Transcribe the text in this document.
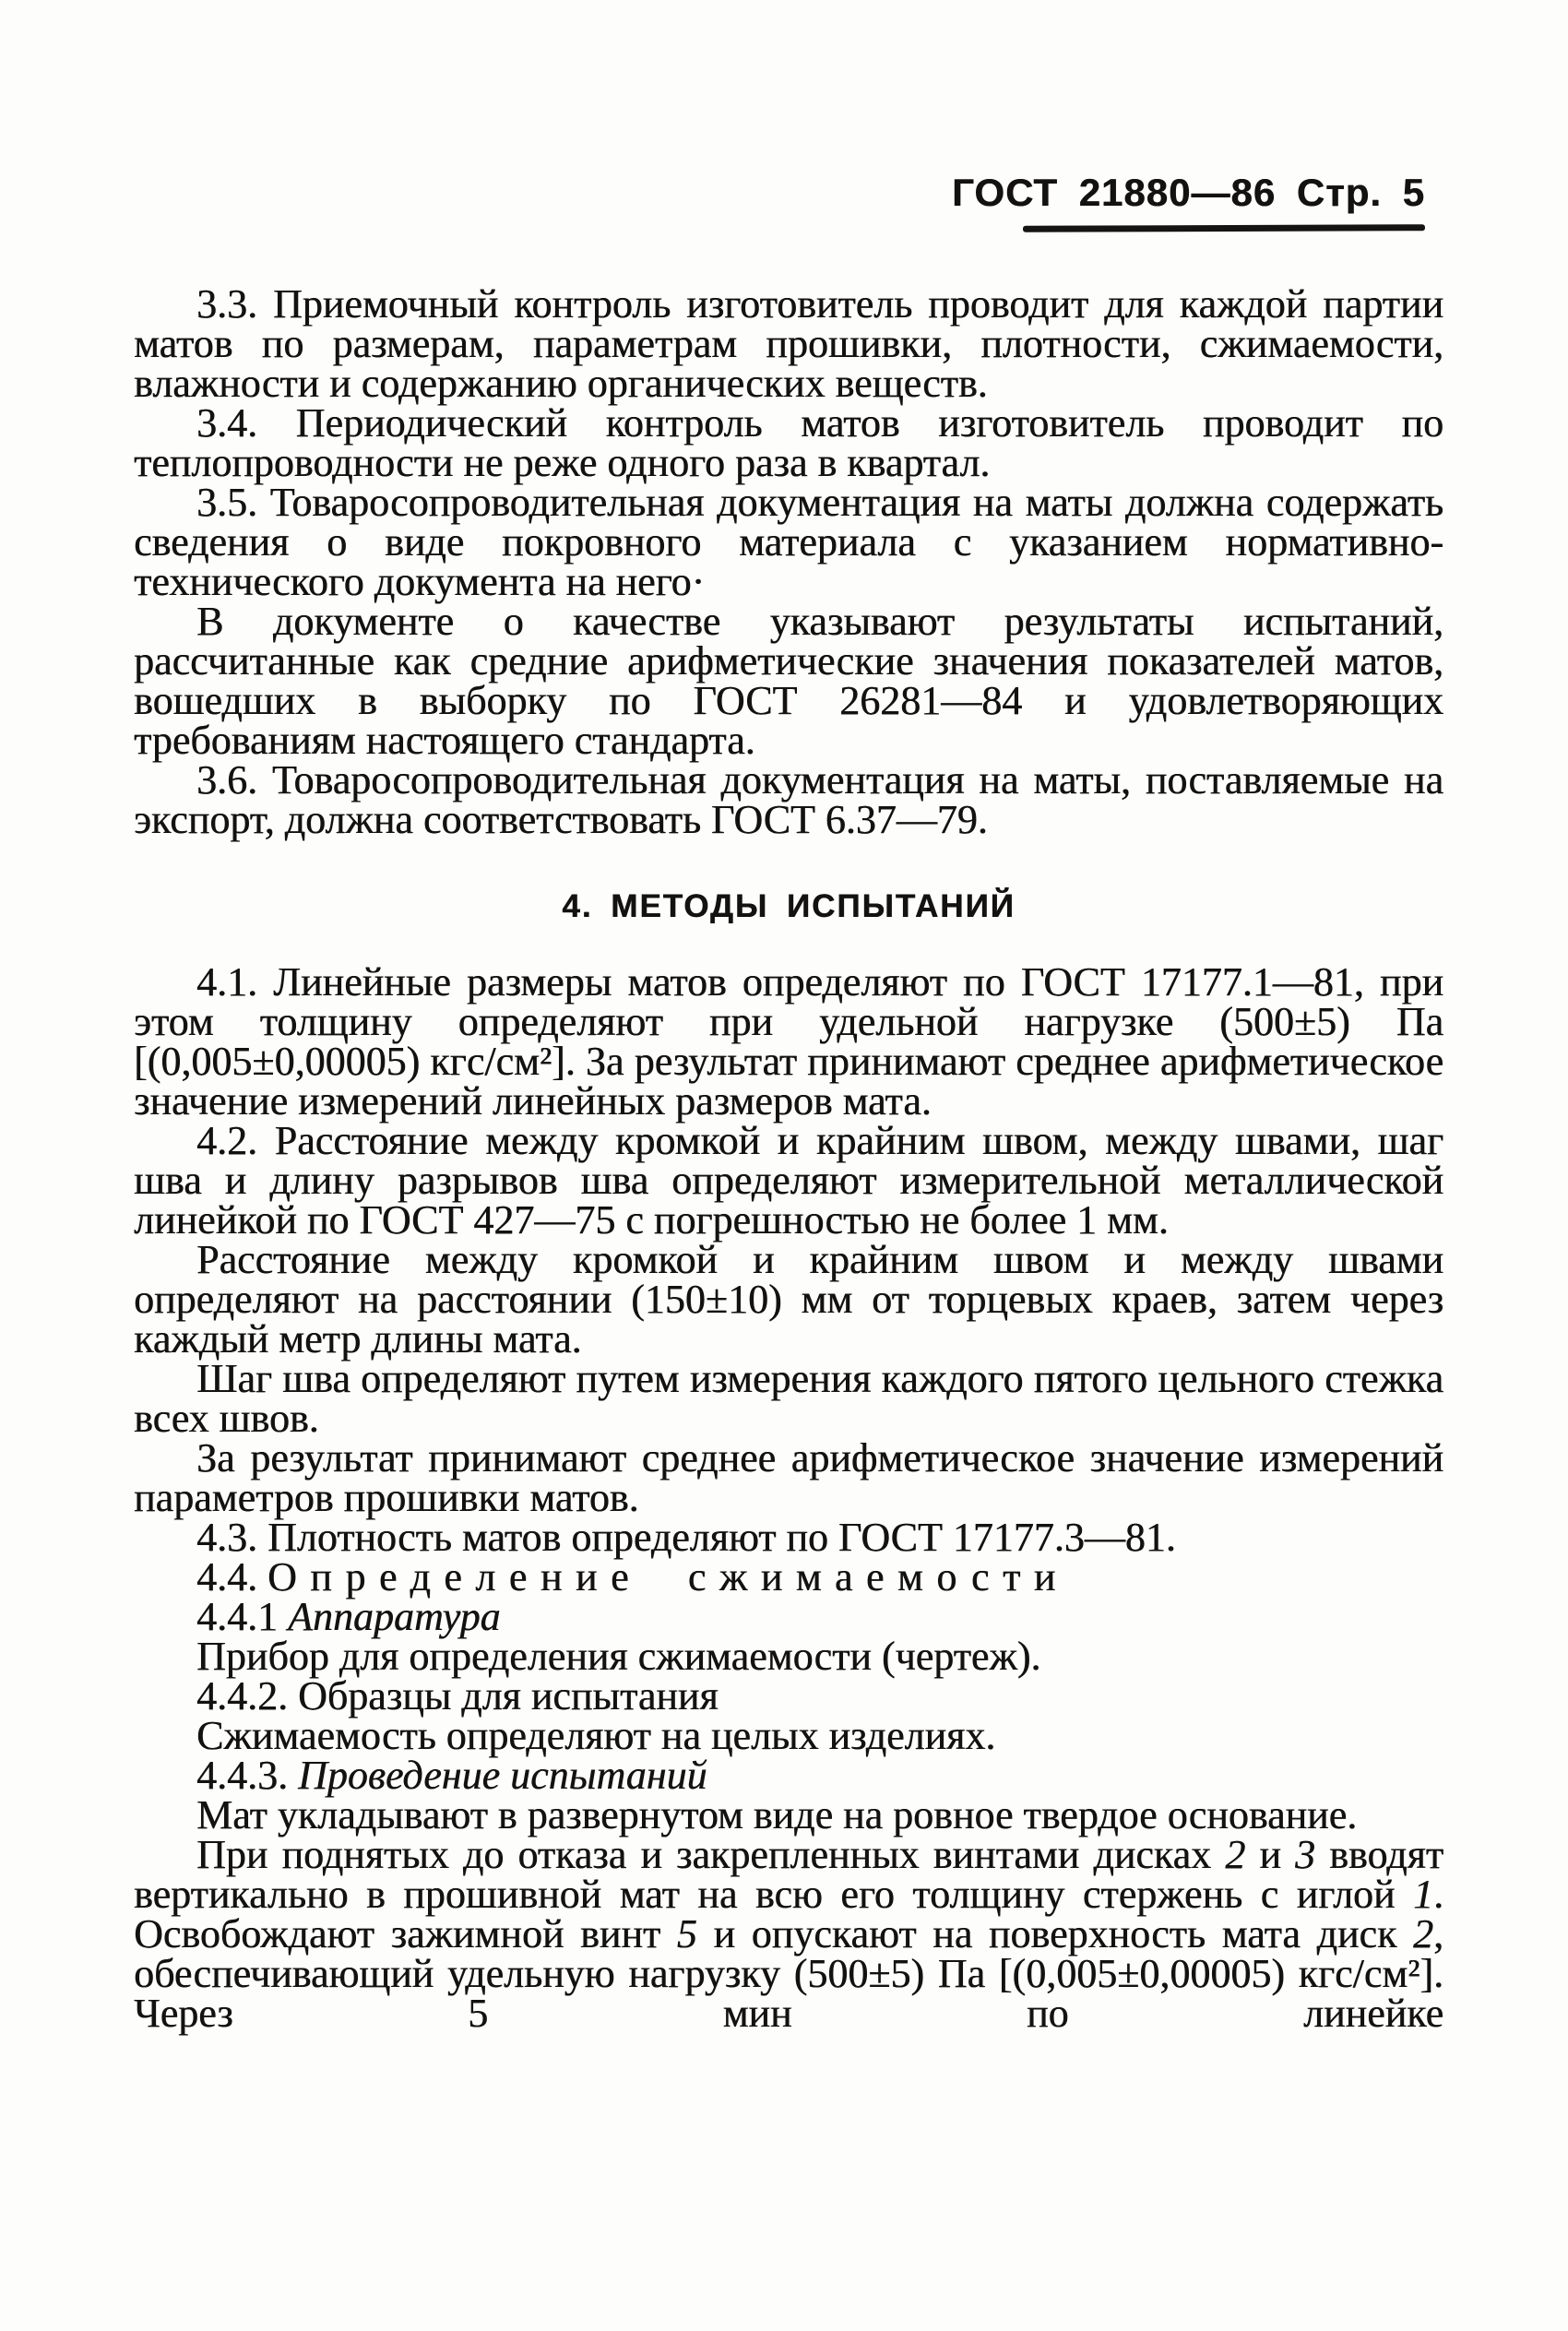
ГОСТ 21880—86 Стр. 5

3.3. Приемочный контроль изготовитель проводит для каждой партии матов по размерам, параметрам прошивки, плотности, сжимаемости, влажности и содержанию органических веществ.

3.4. Периодический контроль матов изготовитель проводит по теплопроводности не реже одного раза в квартал.

3.5. Товаросопроводительная документация на маты должна содержать сведения о виде покровного материала с указанием нормативно-технического документа на него·

В документе о качестве указывают результаты испытаний, рассчитанные как средние арифметические значения показателей матов, вошедших в выборку по ГОСТ 26281—84 и удовлетворяющих требованиям настоящего стандарта.

3.6. Товаросопроводительная документация на маты, поставляемые на экспорт, должна соответствовать ГОСТ 6.37—79.

4. МЕТОДЫ ИСПЫТАНИЙ

4.1. Линейные размеры матов определяют по ГОСТ 17177.1—81, при этом толщину определяют при удельной нагрузке (500±5) Па [(0,005±0,00005) кгс/см²]. За результат принимают среднее арифметическое значение измерений линейных размеров мата.

4.2. Расстояние между кромкой и крайним швом, между швами, шаг шва и длину разрывов шва определяют измерительной металлической линейкой по ГОСТ 427—75 с погрешностью не более 1 мм.

Расстояние между кромкой и крайним швом и между швами определяют на расстоянии (150±10) мм от торцевых краев, затем через каждый метр длины мата.

Шаг шва определяют путем измерения каждого пятого цельного стежка всех швов.

За результат принимают среднее арифметическое значение измерений параметров прошивки матов.

4.3. Плотность матов определяют по ГОСТ 17177.3—81.

4.4. Определение сжимаемости

4.4.1 Аппаратура

Прибор для определения сжимаемости (чертеж).

4.4.2. Образцы для испытания

Сжимаемость определяют на целых изделиях.

4.4.3. Проведение испытаний

Мат укладывают в развернутом виде на ровное твердое основание.

При поднятых до отказа и закрепленных винтами дисках 2 и 3 вводят вертикально в прошивной мат на всю его толщину стержень с иглой 1. Освобождают зажимной винт 5 и опускают на поверхность мата диск 2, обеспечивающий удельную нагрузку (500±5) Па [(0,005±0,00005) кгс/см²]. Через 5 мин по линейке
